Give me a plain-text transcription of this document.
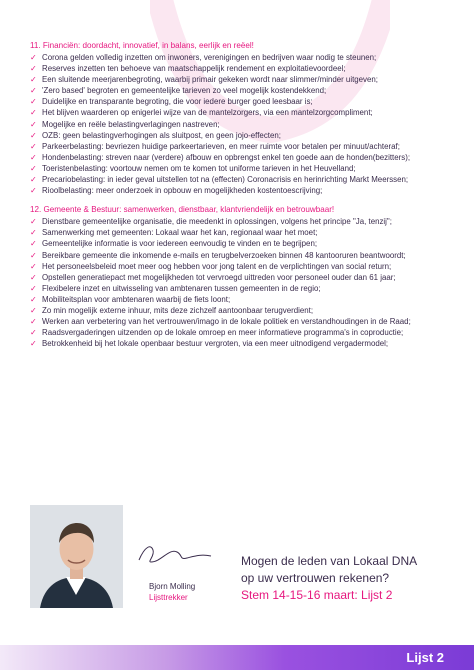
11. Financiën: doordacht, innovatief, in balans, eerlijk en reëel!

✓ Corona gelden volledig inzetten om inwoners, verenigingen en bedrijven waar nodig te steunen;
✓ Reserves inzetten ten behoeve van maatschappelijk rendement en exploitatievoordeel;
✓ Een sluitende meerjarenbegroting, waarbij primair gekeken wordt naar slimmer/minder uitgeven;
✓ 'Zero based' begroten en gemeentelijke tarieven zo veel mogelijk kostendekkend;
✓ Duidelijke en transparante begroting, die voor iedere burger goed leesbaar is;
✓ Het blijven waarderen op enigerlei wijze van de mantelzorgers, via een mantelzorgcompliment;
✓ Mogelijke en reële belastingverlagingen nastreven;
✓ OZB: geen belastingverhogingen als sluitpost, en geen jojo-effecten;
✓ Parkeerbelasting: bevriezen huidige parkeertarieven, en meer ruimte voor betalen per minuut/achteraf;
✓ Hondenbelasting: streven naar (verdere) afbouw en opbrengst enkel ten goede aan de honden(bezitters);
✓ Toeristenbelasting: voortouw nemen om te komen tot uniforme tarieven in het Heuvelland;
✓ Precariobelasting: in ieder geval uitstellen tot na (effecten) Coronacrisis en herinrichting Markt Meerssen;
✓ Rioolbelasting: meer onderzoek in opbouw en mogelijkheden kostentoescrijving;

12. Gemeente & Bestuur: samenwerken, dienstbaar, klantvriendelijk en betrouwbaar!

✓ Dienstbare gemeentelijke organisatie, die meedenkt in oplossingen, volgens het principe "Ja, tenzij";
✓ Samenwerking met gemeenten: Lokaal waar het kan, regionaal waar het moet;
✓ Gemeentelijke informatie is voor iedereen eenvoudig te vinden en te begrijpen;
✓ Bereikbare gemeente die inkomende e-mails en terugbelverzoeken binnen 48 kantooruren beantwoordt;
✓ Het personeelsbeleid moet meer oog hebben voor jong talent en de verplichtingen van social return;
✓ Opstellen generatiepact met mogelijkheden tot vervroegd uittreden voor personeel ouder dan 61 jaar;
✓ Flexibelere inzet en uitwisseling van ambtenaren tussen gemeenten in de regio;
✓ Mobiliteitsplan voor ambtenaren waarbij de fiets loont;
✓ Zo min mogelijk externe inhuur, mits deze zichzelf aantoonbaar terugverdient;
✓ Werken aan verbetering van het vertrouwen/imago in de lokale politiek en verstandhoudingen in de Raad;
✓ Raadsvergaderingen uitzenden op de lokale omroep en meer informatieve programma's in coproductie;
✓ Betrokkenheid bij het lokale openbaar bestuur vergroten, via een meer uitnodigend vergadermodel;
Bjorn Molling
Lijsttrekker

Mogen de leden van Lokaal DNA

op uw vertrouwen rekenen?

Stem 14-15-16 maart: Lijst 2

Lijst 2
